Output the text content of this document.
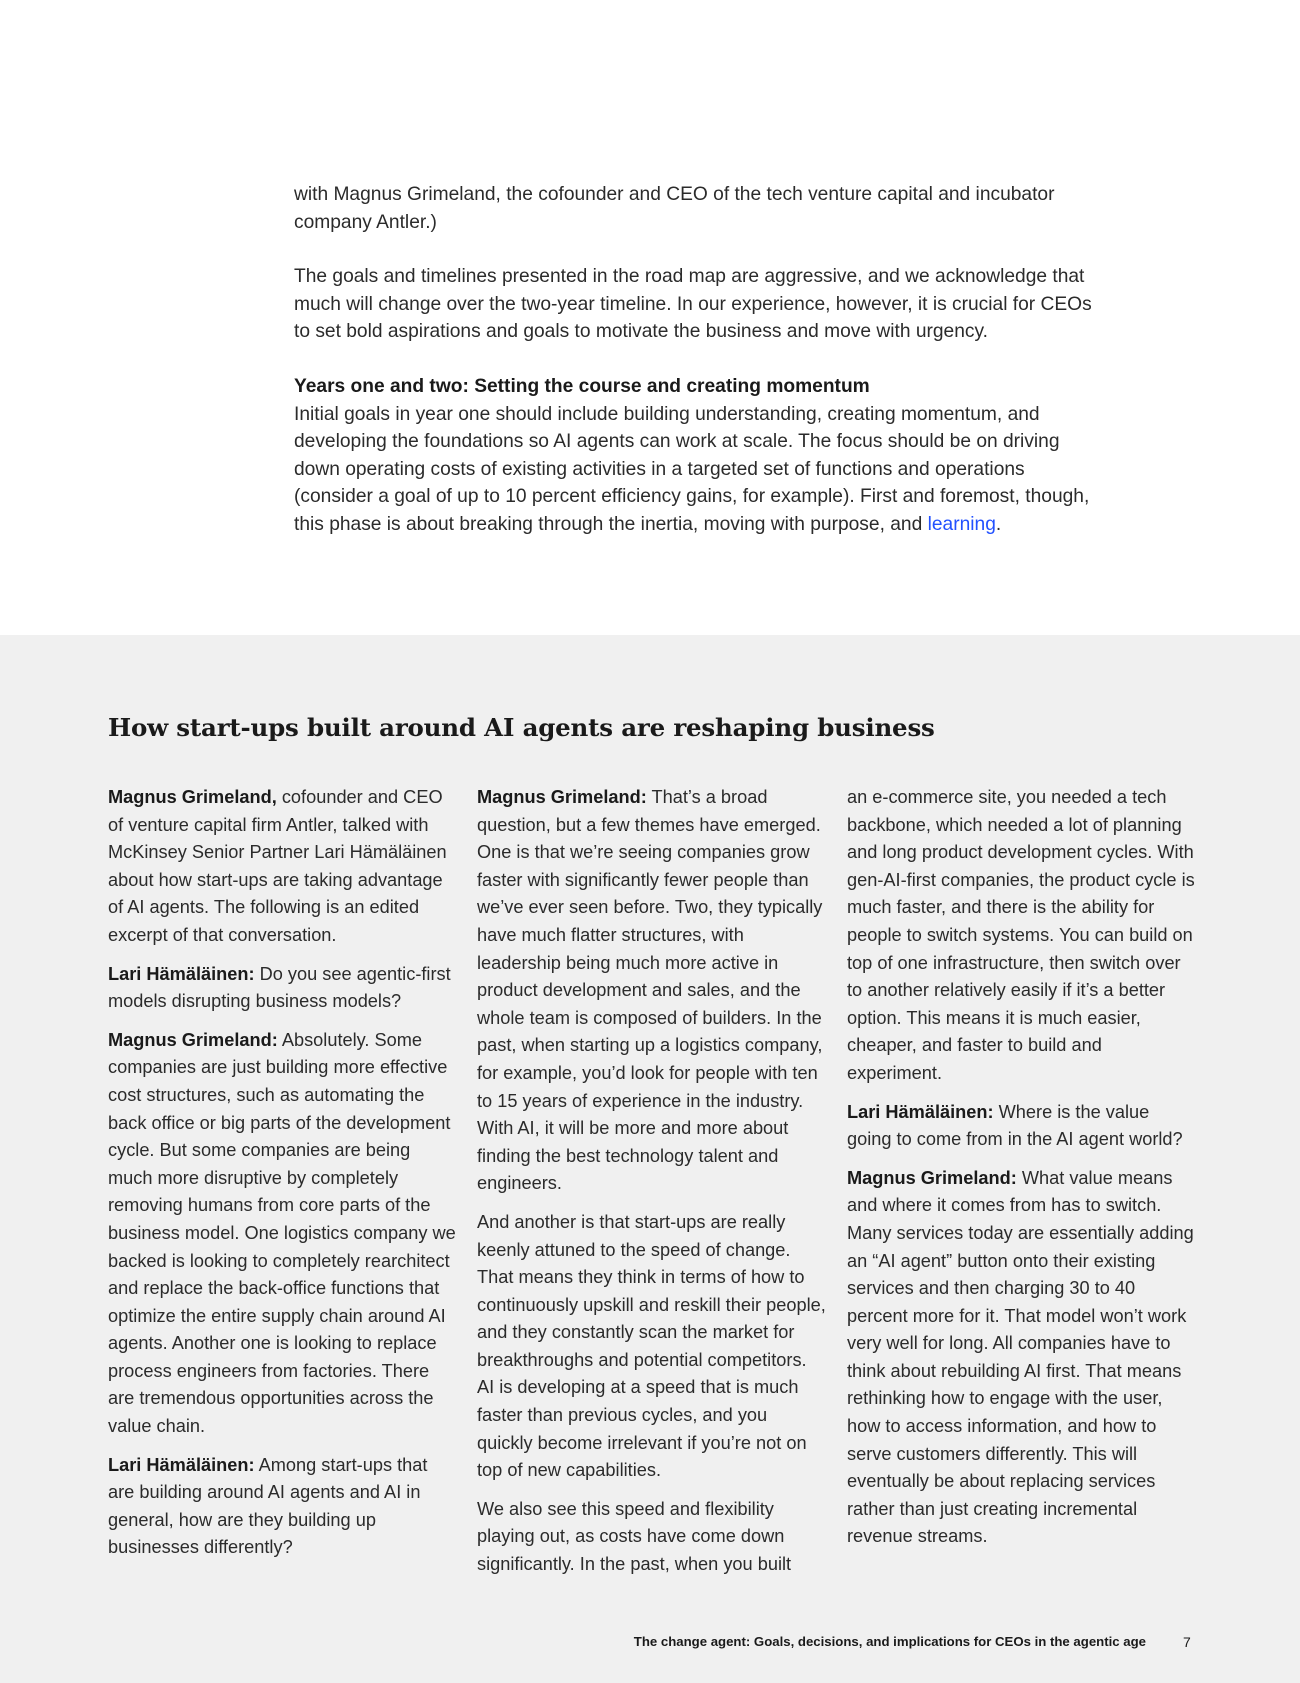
with Magnus Grimeland, the cofounder and CEO of the tech venture capital and incubator company Antler.)

The goals and timelines presented in the road map are aggressive, and we acknowledge that much will change over the two-year timeline. In our experience, however, it is crucial for CEOs to set bold aspirations and goals to motivate the business and move with urgency.

Years one and two: Setting the course and creating momentum

Initial goals in year one should include building understanding, creating momentum, and developing the foundations so AI agents can work at scale. The focus should be on driving down operating costs of existing activities in a targeted set of functions and operations (consider a goal of up to 10 percent efficiency gains, for example). First and foremost, though, this phase is about breaking through the inertia, moving with purpose, and learning.

How start-ups built around AI agents are reshaping business

Magnus Grimeland, cofounder and CEO of venture capital firm Antler, talked with McKinsey Senior Partner Lari Hämäläinen about how start-ups are taking advantage of AI agents. The following is an edited excerpt of that conversation.

Lari Hämäläinen: Do you see agentic-first models disrupting business models?

Magnus Grimeland: Absolutely. Some companies are just building more effective cost structures, such as automating the back office or big parts of the development cycle. But some companies are being much more disruptive by completely removing humans from core parts of the business model. One logistics company we backed is looking to completely rearchitect and replace the back-office functions that optimize the entire supply chain around AI agents. Another one is looking to replace process engineers from factories. There are tremendous opportunities across the value chain.

Lari Hämäläinen: Among start-ups that are building around AI agents and AI in general, how are they building up businesses differently?

Magnus Grimeland: That’s a broad question, but a few themes have emerged. One is that we’re seeing companies grow faster with significantly fewer people than we’ve ever seen before. Two, they typically have much flatter structures, with leadership being much more active in product development and sales, and the whole team is composed of builders. In the past, when starting up a logistics company, for example, you’d look for people with ten to 15 years of experience in the industry. With AI, it will be more and more about finding the best technology talent and engineers.

And another is that start-ups are really keenly attuned to the speed of change. That means they think in terms of how to continuously upskill and reskill their people, and they constantly scan the market for breakthroughs and potential competitors. AI is developing at a speed that is much faster than previous cycles, and you quickly become irrelevant if you’re not on top of new capabilities.

We also see this speed and flexibility playing out, as costs have come down significantly. In the past, when you built

an e-commerce site, you needed a tech backbone, which needed a lot of planning and long product development cycles. With gen-AI-first companies, the product cycle is much faster, and there is the ability for people to switch systems. You can build on top of one infrastructure, then switch over to another relatively easily if it’s a better option. This means it is much easier, cheaper, and faster to build and experiment.

Lari Hämäläinen: Where is the value going to come from in the AI agent world?

Magnus Grimeland: What value means and where it comes from has to switch. Many services today are essentially adding an “AI agent” button onto their existing services and then charging 30 to 40 percent more for it. That model won’t work very well for long. All companies have to think about rebuilding AI first. That means rethinking how to engage with the user, how to access information, and how to serve customers differently. This will eventually be about replacing services rather than just creating incremental revenue streams.

The change agent: Goals, decisions, and implications for CEOs in the agentic age	7
